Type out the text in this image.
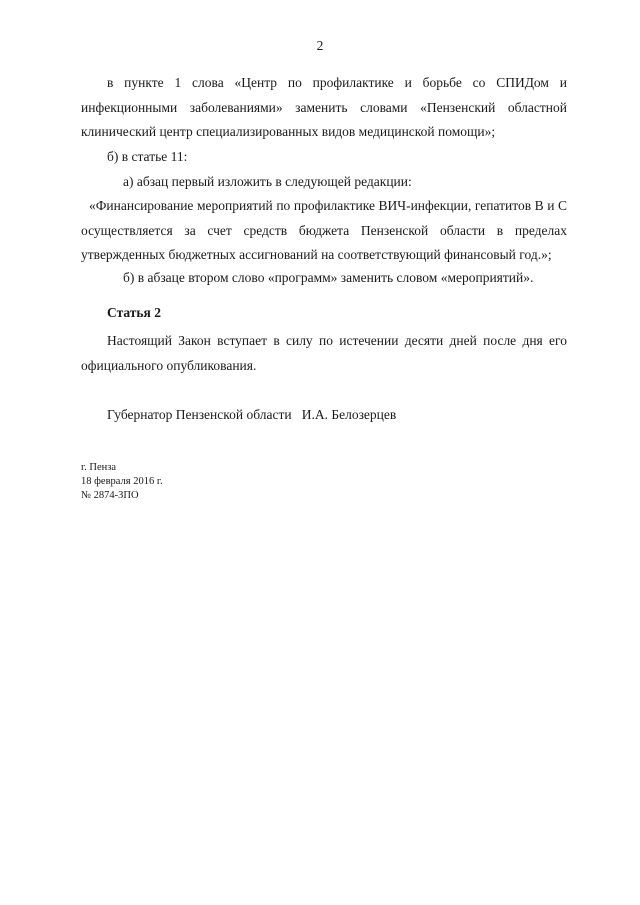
2

в пункте 1 слова «Центр по профилактике и борьбе со СПИДом и инфекционными заболеваниями» заменить словами «Пензенский областной клинический центр специализированных видов медицинской помощи»;

б) в статье 11:

а) абзац первый изложить в следующей редакции:

«Финансирование мероприятий по профилактике ВИЧ-инфекции, гепатитов В и С осуществляется за счет средств бюджета Пензенской области в пределах утвержденных бюджетных ассигнований на соответствующий финансовый год.»;

б) в абзаце втором слово «программ» заменить словом «мероприятий».

Статья 2

Настоящий Закон вступает в силу по истечении десяти дней после дня его официального опубликования.

Губернатор Пензенской области   И.А. Белозерцев

г. Пенза
18 февраля 2016 г.
№ 2874-ЗПО
